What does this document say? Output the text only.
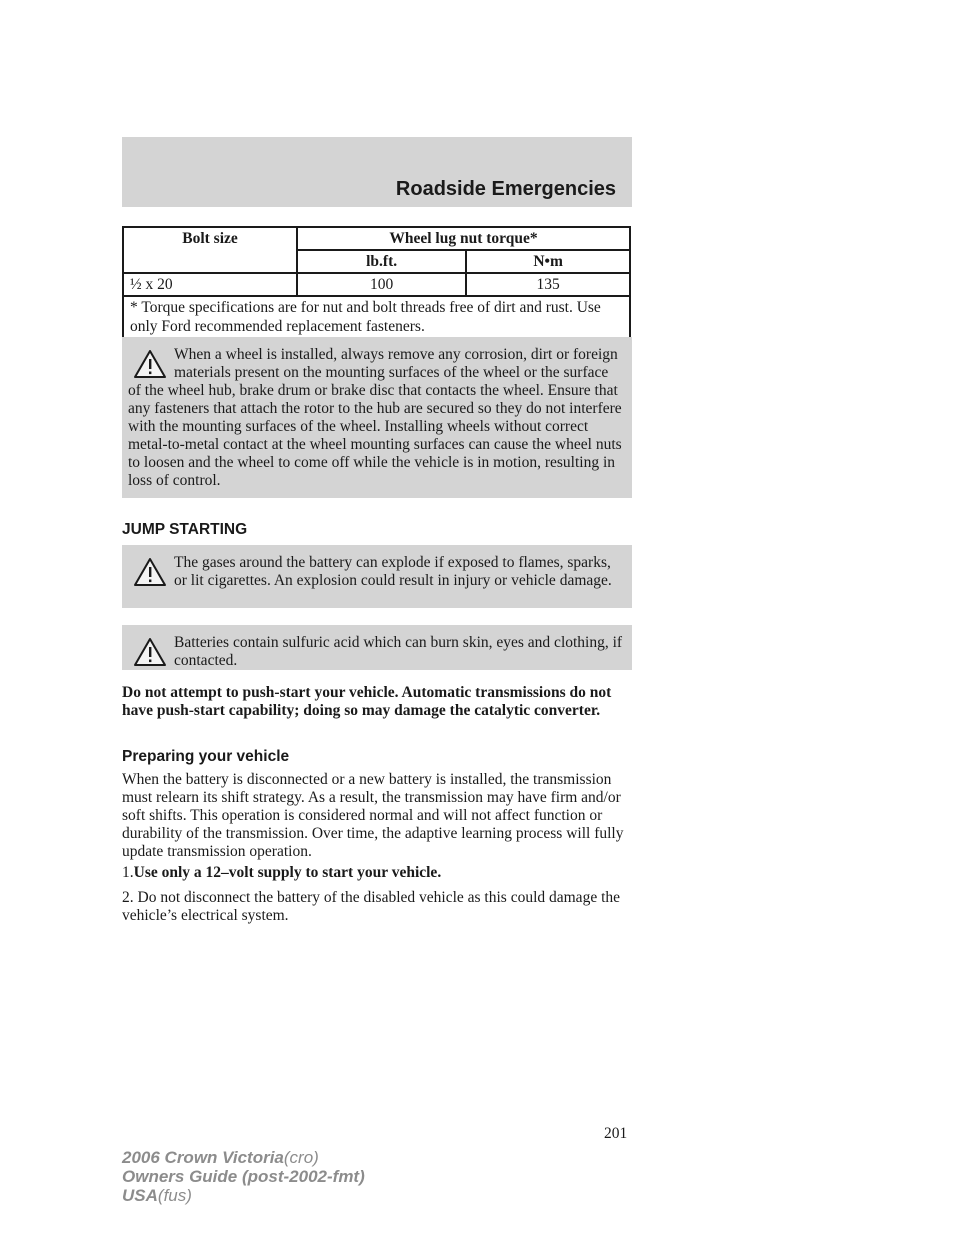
Roadside Emergencies
Bolt size	Wheel lug nut torque*	
	lb.ft.	N•m
½ x 20	100	135
* Torque specifications are for nut and bolt threads free of dirt and rust. Use only Ford recommended replacement fasteners.		

When a wheel is installed, always remove any corrosion, dirt or foreign materials present on the mounting surfaces of the wheel or the surface of the wheel hub, brake drum or brake disc that contacts the wheel. Ensure that any fasteners that attach the rotor to the hub are secured so they do not interfere with the mounting surfaces of the wheel. Installing wheels without correct metal-to-metal contact at the wheel mounting surfaces can cause the wheel nuts to loosen and the wheel to come off while the vehicle is in motion, resulting in loss of control.

JUMP STARTING

The gases around the battery can explode if exposed to flames, sparks, or lit cigarettes. An explosion could result in injury or vehicle damage.

Batteries contain sulfuric acid which can burn skin, eyes and clothing, if contacted.

Do not attempt to push-start your vehicle. Automatic transmissions do not have push-start capability; doing so may damage the catalytic converter.

Preparing your vehicle

When the battery is disconnected or a new battery is installed, the transmission must relearn its shift strategy. As a result, the transmission may have firm and/or soft shifts. This operation is considered normal and will not affect function or durability of the transmission. Over time, the adaptive learning process will fully update transmission operation.

1.Use only a 12–volt supply to start your vehicle.

2. Do not disconnect the battery of the disabled vehicle as this could damage the vehicle’s electrical system.

201
2006 Crown Victoria(cro)
Owners Guide (post-2002-fmt)
USA(fus)
